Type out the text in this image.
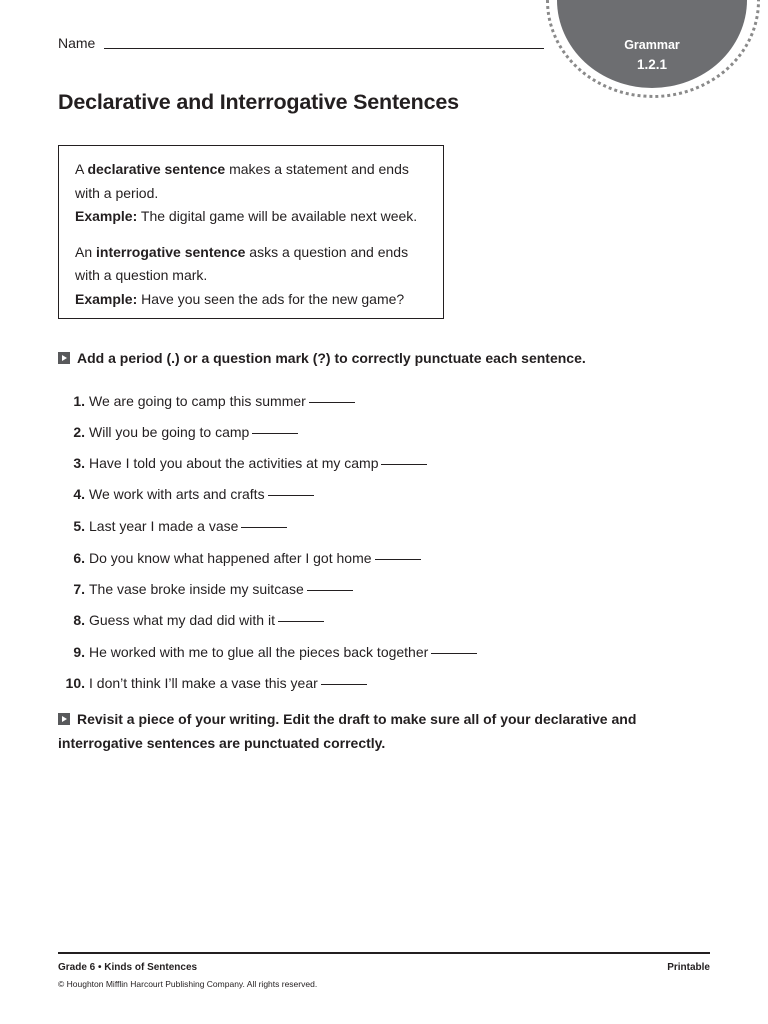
Name	Grammar
1.2.1
Declarative and Interrogative Sentences

A declarative sentence makes a statement and ends with a period.
Example: The digital game will be available next week.

An interrogative sentence asks a question and ends with a question mark.
Example: Have you seen the ads for the new game?

Add a period (.) or a question mark (?) to correctly punctuate each sentence.
1. We are going to camp this summer
2. Will you be going to camp
3. Have I told you about the activities at my camp
4. We work with arts and crafts
5. Last year I made a vase
6. Do you know what happened after I got home
7. The vase broke inside my suitcase
8. Guess what my dad did with it
9. He worked with me to glue all the pieces back together
10. I don’t think I’ll make a vase this year
Revisit a piece of your writing. Edit the draft to make sure all of your declarative and interrogative sentences are punctuated correctly.
Grade 6 • Kinds of Sentences
© Houghton Mifflin Harcourt Publishing Company. All rights reserved.
Printable
